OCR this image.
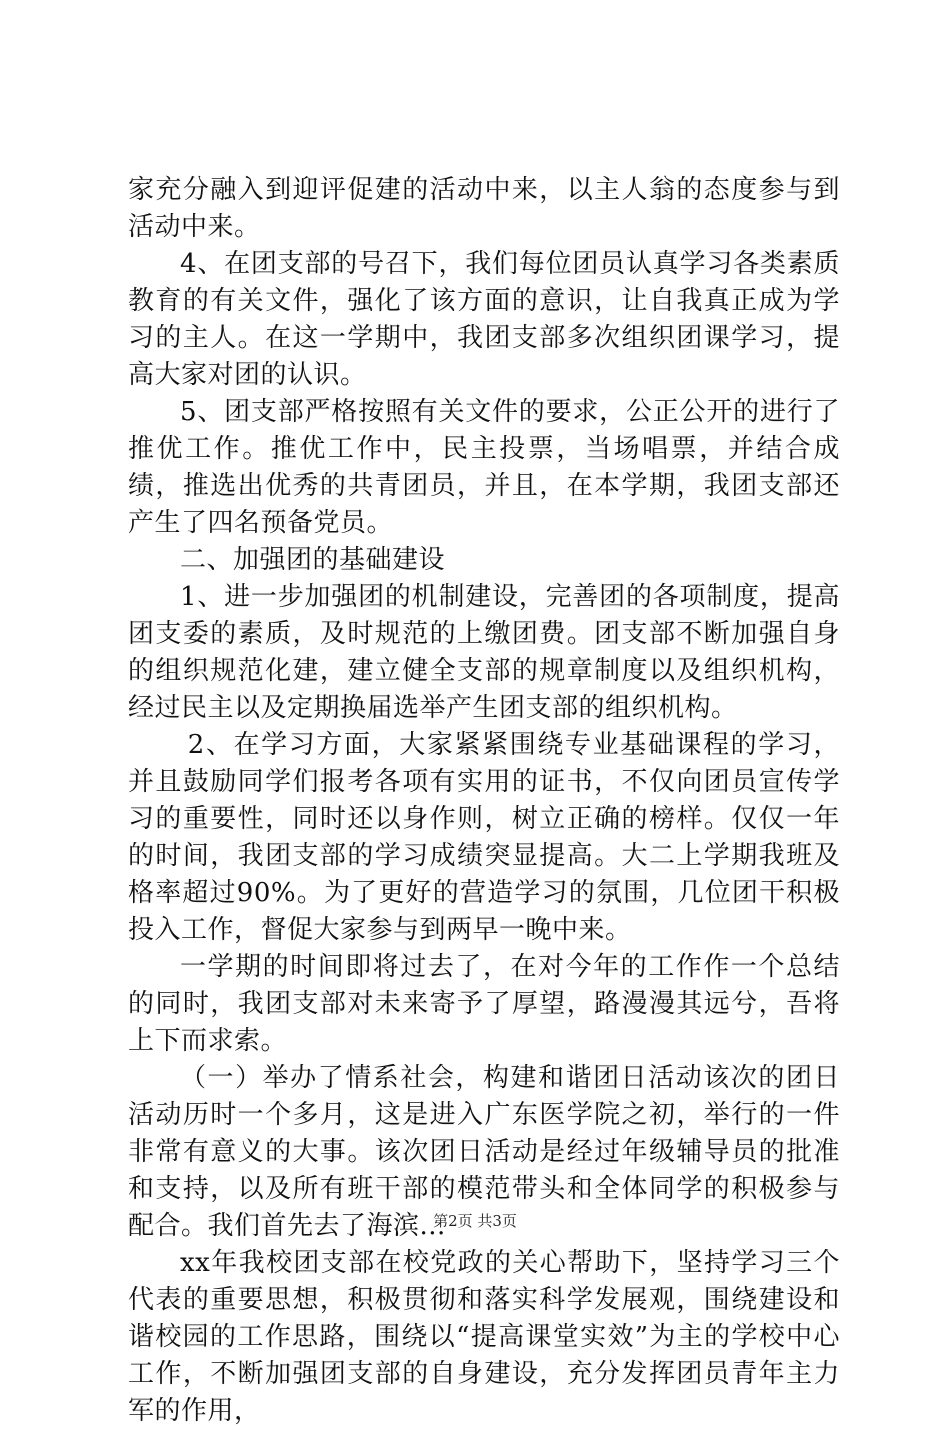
家充分融入到迎评促建的活动中来，以主人翁的态度参与到活动中来。

4、在团支部的号召下，我们每位团员认真学习各类素质教育的有关文件，强化了该方面的意识，让自我真正成为学习的主人。在这一学期中，我团支部多次组织团课学习，提高大家对团的认识。

5、团支部严格按照有关文件的要求，公正公开的进行了推优工作。推优工作中，民主投票，当场唱票，并结合成绩，推选出优秀的共青团员，并且，在本学期，我团支部还产生了四名预备党员。

二、加强团的基础建设

1、进一步加强团的机制建设，完善团的各项制度，提高团支委的素质，及时规范的上缴团费。团支部不断加强自身的组织规范化建，建立健全支部的规章制度以及组织机构，经过民主以及定期换届选举产生团支部的组织机构。

2、在学习方面，大家紧紧围绕专业基础课程的学习，并且鼓励同学们报考各项有实用的证书，不仅向团员宣传学习的重要性，同时还以身作则，树立正确的榜样。仅仅一年的时间，我团支部的学习成绩突显提高。大二上学期我班及格率超过90%。为了更好的营造学习的氛围，几位团干积极投入工作，督促大家参与到两早一晚中来。

一学期的时间即将过去了，在对今年的工作作一个总结的同时，我团支部对未来寄予了厚望，路漫漫其远兮，吾将上下而求索。

（一）举办了情系社会，构建和谐团日活动该次的团日活动历时一个多月，这是进入广东医学院之初，举行的一件非常有意义的大事。该次团日活动是经过年级辅导员的批准和支持，以及所有班干部的模范带头和全体同学的积极参与配合。我们首先去了海滨...

xx年我校团支部在校党政的关心帮助下，坚持学习三个代表的重要思想，积极贯彻和落实科学发展观，围绕建设和谐校园的工作思路，围绕以“提高课堂实效”为主的学校中心工作，不断加强团支部的自身建设，充分发挥团员青年主力军的作用，

第2页 共3页
